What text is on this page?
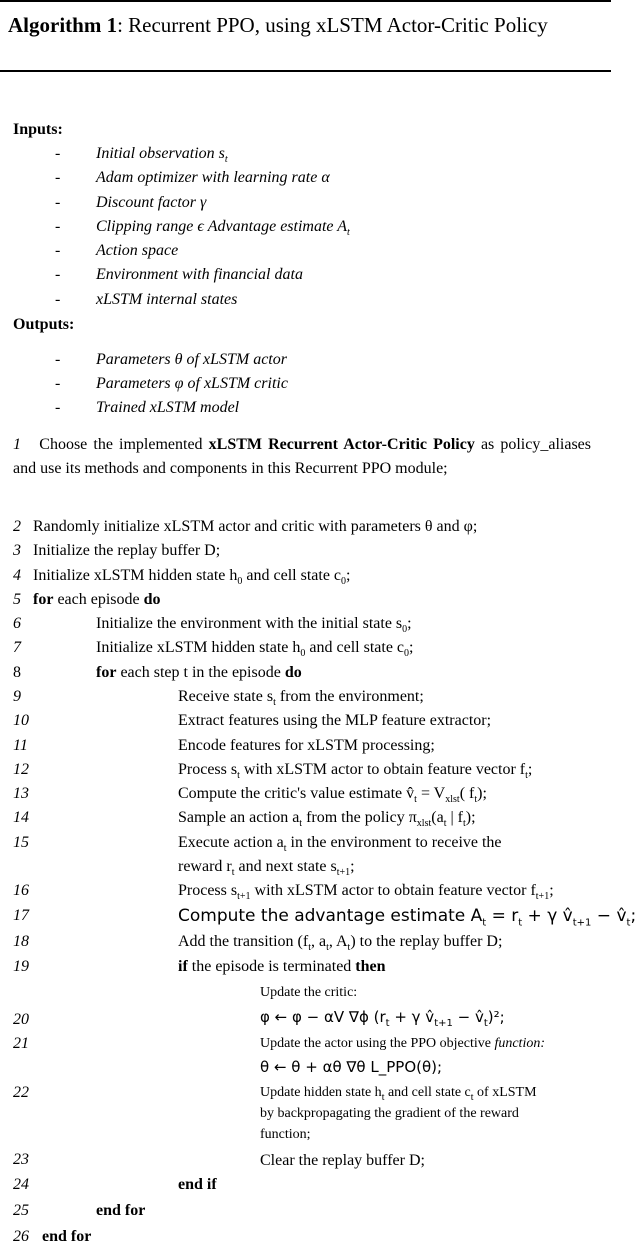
Algorithm 1: Recurrent PPO, using xLSTM Actor-Critic Policy
Inputs:
- Initial observation $s_t$
- Adam optimizer with learning rate α
- Discount factor γ
- Clipping range ϵ Advantage estimate $A_t$
- Action space
- Environment with financial data
- xLSTM internal states
Outputs:
- Parameters θ of xLSTM actor
- Parameters φ of xLSTM critic
- Trained xLSTM model
1 Choose the implemented xLSTM Recurrent Actor-Critic Policy as policy_aliases and use its methods and components in this Recurrent PPO module;
2
3
4
5
6
7
8
9
10
11
12
13
14
15
16
17
18
19
20
21
22
23
24
25
26
Randomly initialize xLSTM actor and critic with parameters θ and φ;
Initialize the replay buffer D;
Initialize xLSTM hidden state $h_0$ and cell state $c_0$;
for each episode do
Initialize the environment with the initial state $s_0$;
Initialize xLSTM hidden state $h_0$ and cell state $c_0$;
for each step t in the episode do
Receive state $s_t$ from the environment;
Extract features using the MLP feature extractor;
Encode features for xLSTM processing;
Process $s_t$ with xLSTM actor to obtain feature vector $f_t$;
Compute the critic's value estimate $v̂_t = V_{xlst}$( $f_t$);
Sample an action $a_t$ from the policy $\pi_{xlst}(a_t$ | $f_t$);
Execute action $a_t$ in the environment to receive the
reward $r_t$ and next state $s_{t+1}$;
Process $s_{t+1}$ with xLSTM actor to obtain feature vector $f_{t+1}$;
Compute the advantage estimate $A_t = r_t + \gamma$ $v̂_{t+1}$ − $v̂_t$;
Add the transition ($f_t$, $a_t$, $A_t$) to the replay buffer D;
if the episode is terminated then
Update the critic:
φ ← φ − αV ∇ϕ ($r_t + \gamma$ $v̂_{t+1}$ − $v̂_t)^2$;
Update the actor using the PPO objective function:
θ ← θ + αθ ∇θ L_PPO(θ);
Update hidden state $h_t$ and cell state $c_t$ of xLSTM
by backpropagating the gradient of the reward
function;
Clear the replay buffer D;
end if
end for
end for
